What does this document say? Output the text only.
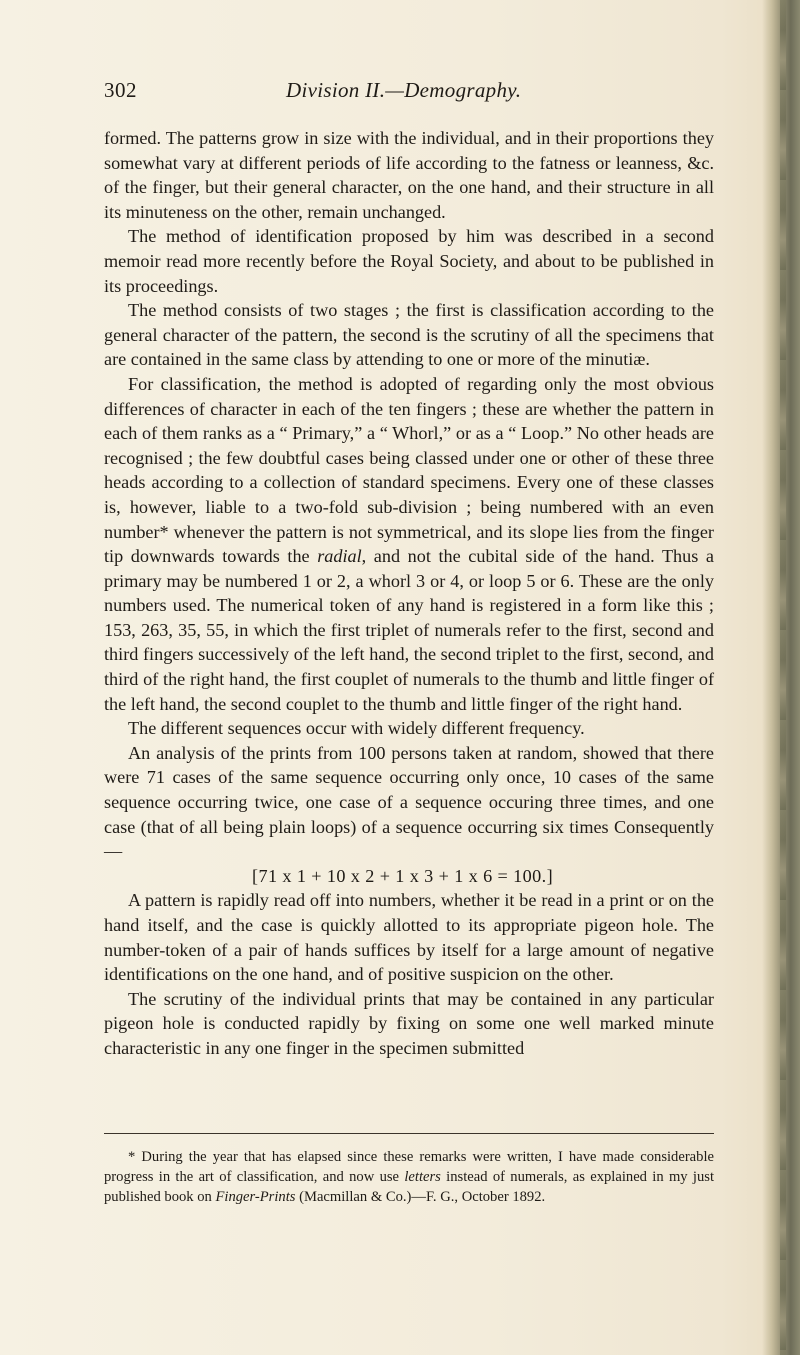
302	Division II.—Demography.

formed. The patterns grow in size with the individual, and in their proportions they somewhat vary at different periods of life according to the fatness or leanness, &c. of the finger, but their general character, on the one hand, and their structure in all its minuteness on the other, remain unchanged.

The method of identification proposed by him was described in a second memoir read more recently before the Royal Society, and about to be published in its proceedings.

The method consists of two stages ; the first is classification according to the general character of the pattern, the second is the scrutiny of all the specimens that are contained in the same class by attending to one or more of the minutiæ.

For classification, the method is adopted of regarding only the most obvious differences of character in each of the ten fingers ; these are whether the pattern in each of them ranks as a “ Primary,” a “ Whorl,” or as a “ Loop.” No other heads are recognised ; the few doubtful cases being classed under one or other of these three heads according to a collection of standard specimens. Every one of these classes is, however, liable to a two-fold sub-division ; being numbered with an even number* whenever the pattern is not symmetrical, and its slope lies from the finger tip downwards towards the radial, and not the cubital side of the hand. Thus a primary may be numbered 1 or 2, a whorl 3 or 4, or loop 5 or 6. These are the only numbers used. The numerical token of any hand is registered in a form like this ; 153, 263, 35, 55, in which the first triplet of numerals refer to the first, second and third fingers successively of the left hand, the second triplet to the first, second, and third of the right hand, the first couplet of numerals to the thumb and little finger of the left hand, the second couplet to the thumb and little finger of the right hand.

The different sequences occur with widely different frequency.

An analysis of the prints from 100 persons taken at random, showed that there were 71 cases of the same sequence occurring only once, 10 cases of the same sequence occurring twice, one case of a sequence occuring three times, and one case (that of all being plain loops) of a sequence occurring six times Consequently—

[71 x 1 + 10 x 2 + 1 x 3 + 1 x 6 = 100.]

A pattern is rapidly read off into numbers, whether it be read in a print or on the hand itself, and the case is quickly allotted to its appropriate pigeon hole. The number-token of a pair of hands suffices by itself for a large amount of negative identifications on the one hand, and of positive suspicion on the other.

The scrutiny of the individual prints that may be contained in any particular pigeon hole is conducted rapidly by fixing on some one well marked minute characteristic in any one finger in the specimen submitted

* During the year that has elapsed since these remarks were written, I have made considerable progress in the art of classification, and now use letters instead of numerals, as explained in my just published book on Finger-Prints (Macmillan & Co.)—F. G., October 1892.
